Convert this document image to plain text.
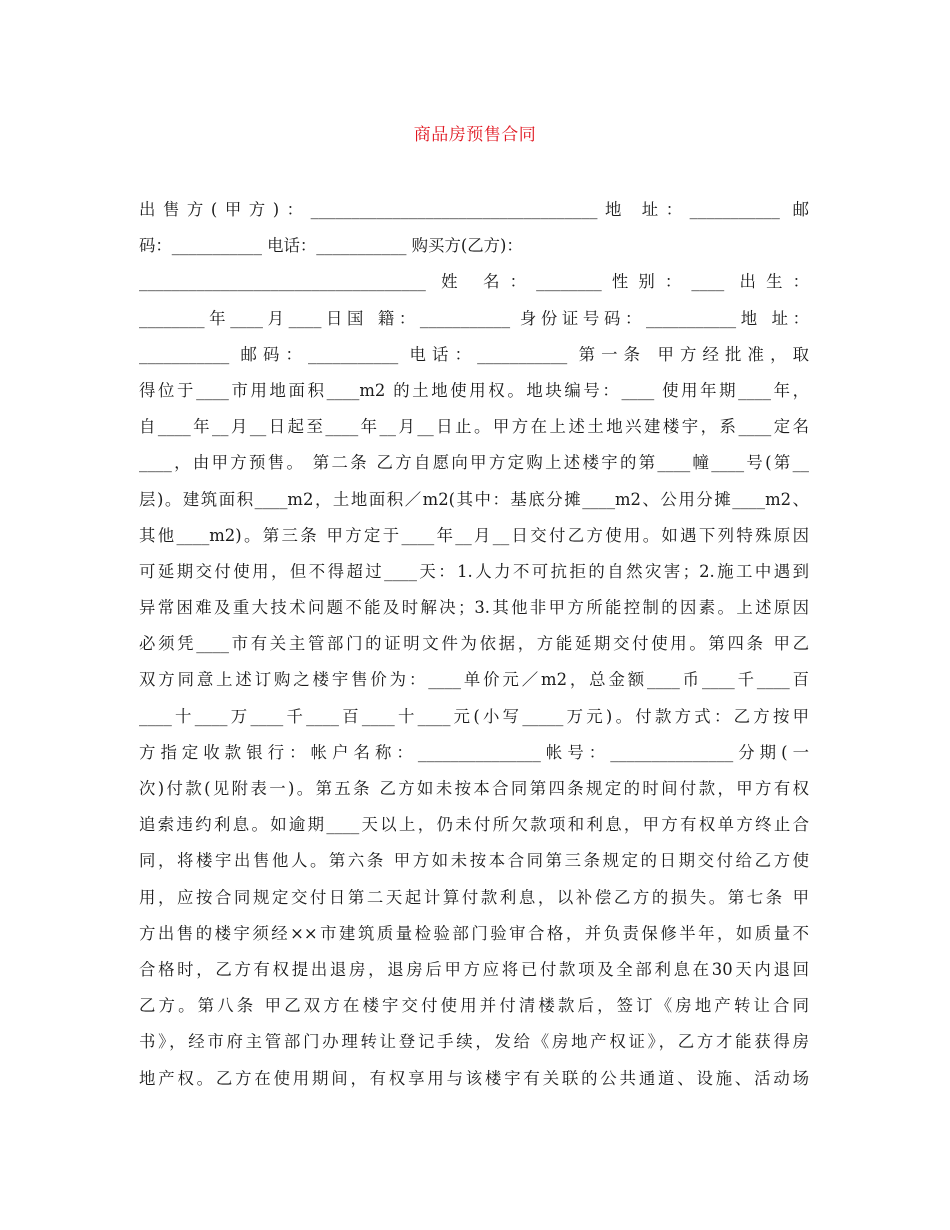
商品房预售合同
出售方(甲方)：___________________________________地 址：___________ 邮
码：___________ 电话：___________ 购买方(乙方)：
___________________________________ 姓 名：________性别：____ 出生：
________年____月____日国 籍：___________ 身份证号码：___________地 址：
___________ 邮码：___________ 电话：___________ 第一条 甲方经批准，取
得位于____市用地面积____m2 的土地使用权。地块编号：____ 使用年期____年，
自____年__月__日起至____年__月__日止。甲方在上述土地兴建楼宇，系____定名
____，由甲方预售。 第二条 乙方自愿向甲方定购上述楼宇的第____幢____号(第__
层)。建筑面积____m2，土地面积／m2(其中：基底分摊____m2、公用分摊____m2、
其他____m2)。第三条 甲方定于____年__月__日交付乙方使用。如遇下列特殊原因
可延期交付使用，但不得超过____天：1.人力不可抗拒的自然灾害；2.施工中遇到
异常困难及重大技术问题不能及时解决；3.其他非甲方所能控制的因素。上述原因
必须凭____市有关主管部门的证明文件为依据，方能延期交付使用。第四条 甲乙
双方同意上述订购之楼宇售价为：____单价元／m2，总金额____币____千____百
____十____万____千____百____十____元(小写_____万元)。付款方式：乙方按甲
方指定收款银行：帐户名称：_______________帐号：_______________分期(一
次)付款(见附表一)。第五条 乙方如未按本合同第四条规定的时间付款，甲方有权
追索违约利息。如逾期____天以上，仍未付所欠款项和利息，甲方有权单方终止合
同，将楼宇出售他人。第六条 甲方如未按本合同第三条规定的日期交付给乙方使
用，应按合同规定交付日第二天起计算付款利息，以补偿乙方的损失。第七条 甲
方出售的楼宇须经××市建筑质量检验部门验审合格，并负责保修半年，如质量不
合格时，乙方有权提出退房，退房后甲方应将已付款项及全部利息在30天内退回
乙方。第八条 甲乙双方在楼宇交付使用并付清楼款后，签订《房地产转让合同
书》，经市府主管部门办理转让登记手续，发给《房地产权证》，乙方才能获得房
地产权。乙方在使用期间，有权享用与该楼宇有关联的公共通道、设施、活动场
